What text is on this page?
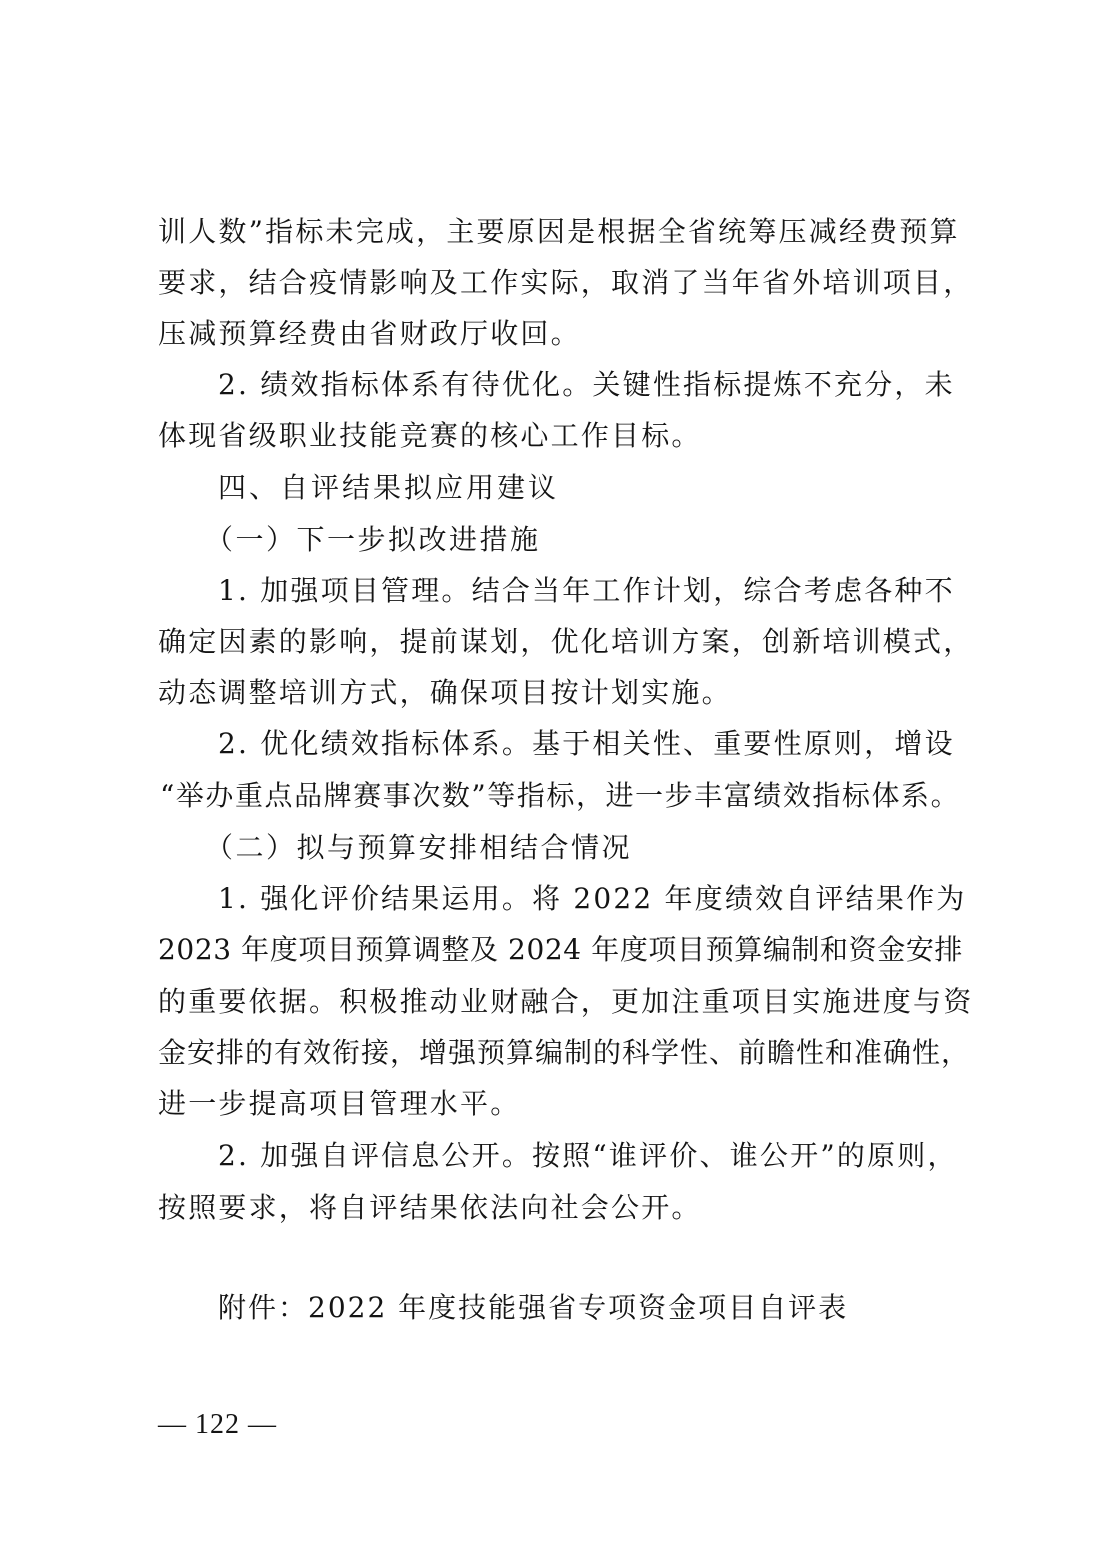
训人数”指标未完成，主要原因是根据全省统筹压减经费预算
要求，结合疫情影响及工作实际，取消了当年省外培训项目，
压减预算经费由省财政厅收回。
2. 绩效指标体系有待优化。关键性指标提炼不充分，未
体现省级职业技能竞赛的核心工作目标。
四、自评结果拟应用建议
（一）下一步拟改进措施
1. 加强项目管理。结合当年工作计划，综合考虑各种不
确定因素的影响，提前谋划，优化培训方案，创新培训模式，
动态调整培训方式，确保项目按计划实施。
2. 优化绩效指标体系。基于相关性、重要性原则，增设
“举办重点品牌赛事次数”等指标，进一步丰富绩效指标体系。
（二）拟与预算安排相结合情况
1. 强化评价结果运用。将 2022 年度绩效自评结果作为
2023 年度项目预算调整及 2024 年度项目预算编制和资金安排
的重要依据。积极推动业财融合，更加注重项目实施进度与资
金安排的有效衔接，增强预算编制的科学性、前瞻性和准确性，
进一步提高项目管理水平。
2. 加强自评信息公开。按照“谁评价、谁公开”的原则，
按照要求，将自评结果依法向社会公开。
附件：2022 年度技能强省专项资金项目自评表
— 122 —
